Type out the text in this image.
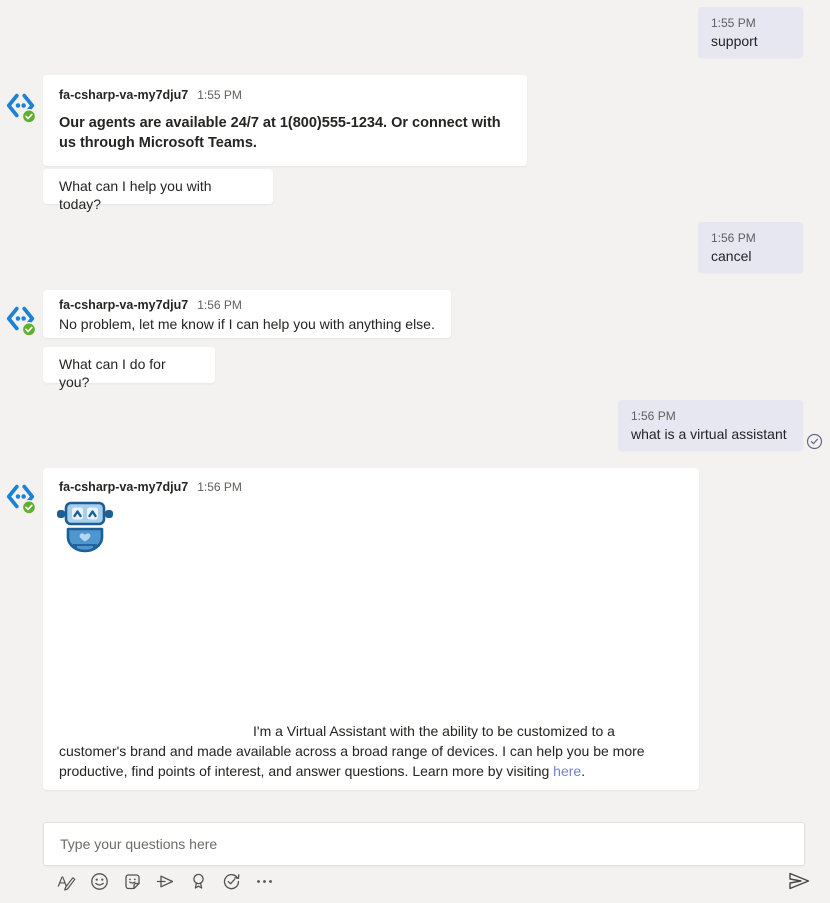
1:55 PM
support
fa-csharp-va-my7dju7 1:55 PM
Our agents are available 24/7 at 1(800)555-1234. Or connect with us through Microsoft Teams.
What can I help you with today?
1:56 PM
cancel
fa-csharp-va-my7dju7 1:56 PM
No problem, let me know if I can help you with anything else.
What can I do for you?
1:56 PM
what is a virtual assistant
fa-csharp-va-my7dju7 1:56 PM

I'm a Virtual Assistant with the ability to be customized to a customer's brand and made available across a broad range of devices. I can help you be more productive, find points of interest, and answer questions. Learn more by visiting here.

Type your questions here
A
